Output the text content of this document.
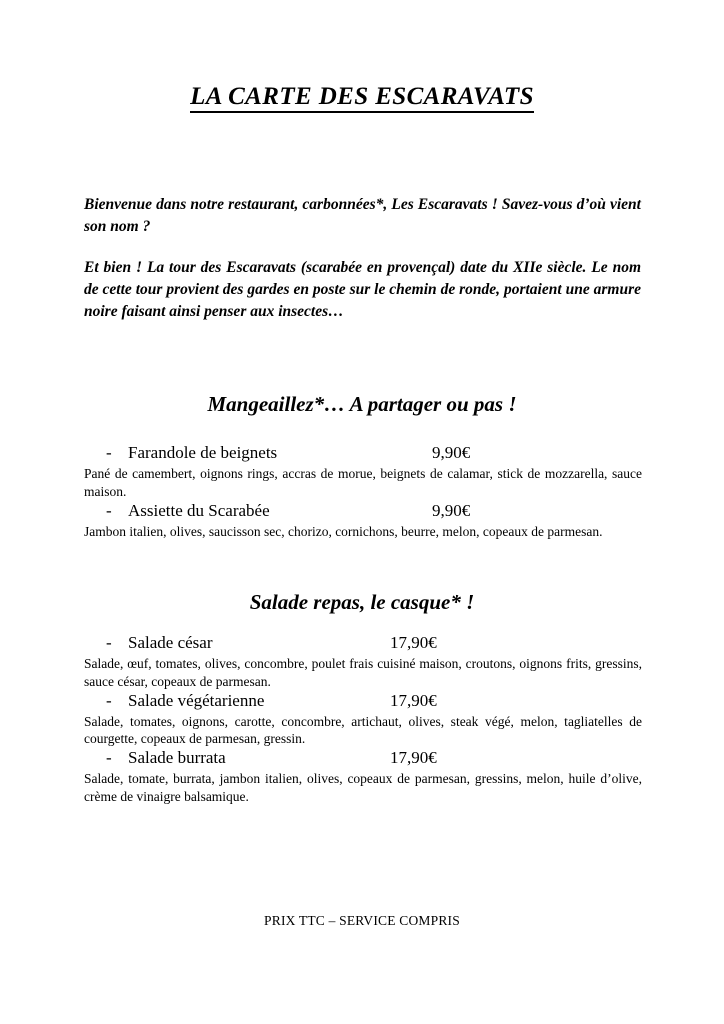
LA CARTE DES ESCARAVATS

Bienvenue dans notre restaurant, carbonnées*, Les Escaravats ! Savez-vous d’où vient son nom ?

Et bien ! La tour des Escaravats (scarabée en provençal) date du XIIe siècle. Le nom de cette tour provient des gardes en poste sur le chemin de ronde, portaient une armure noire faisant ainsi penser aux insectes…

Mangeaillez*… A partager ou pas !
- Farandole de beignets	9,90€

Pané de camembert, oignons rings, accras de morue, beignets de calamar, stick de mozzarella, sauce maison.

- Assiette du Scarabée	9,90€

Jambon italien, olives, saucisson sec, chorizo, cornichons, beurre, melon, copeaux de parmesan.

Salade repas, le casque* !
- Salade césar	17,90€

Salade, œuf, tomates, olives, concombre, poulet frais cuisiné maison, croutons, oignons frits, gressins, sauce césar, copeaux de parmesan.

- Salade végétarienne	17,90€

Salade, tomates, oignons, carotte, concombre, artichaut, olives, steak végé, melon, tagliatelles de courgette, copeaux de parmesan, gressin.

- Salade burrata	17,90€

Salade, tomate, burrata, jambon italien, olives, copeaux de parmesan, gressins, melon, huile d’olive, crème de vinaigre balsamique.

PRIX TTC – SERVICE COMPRIS
